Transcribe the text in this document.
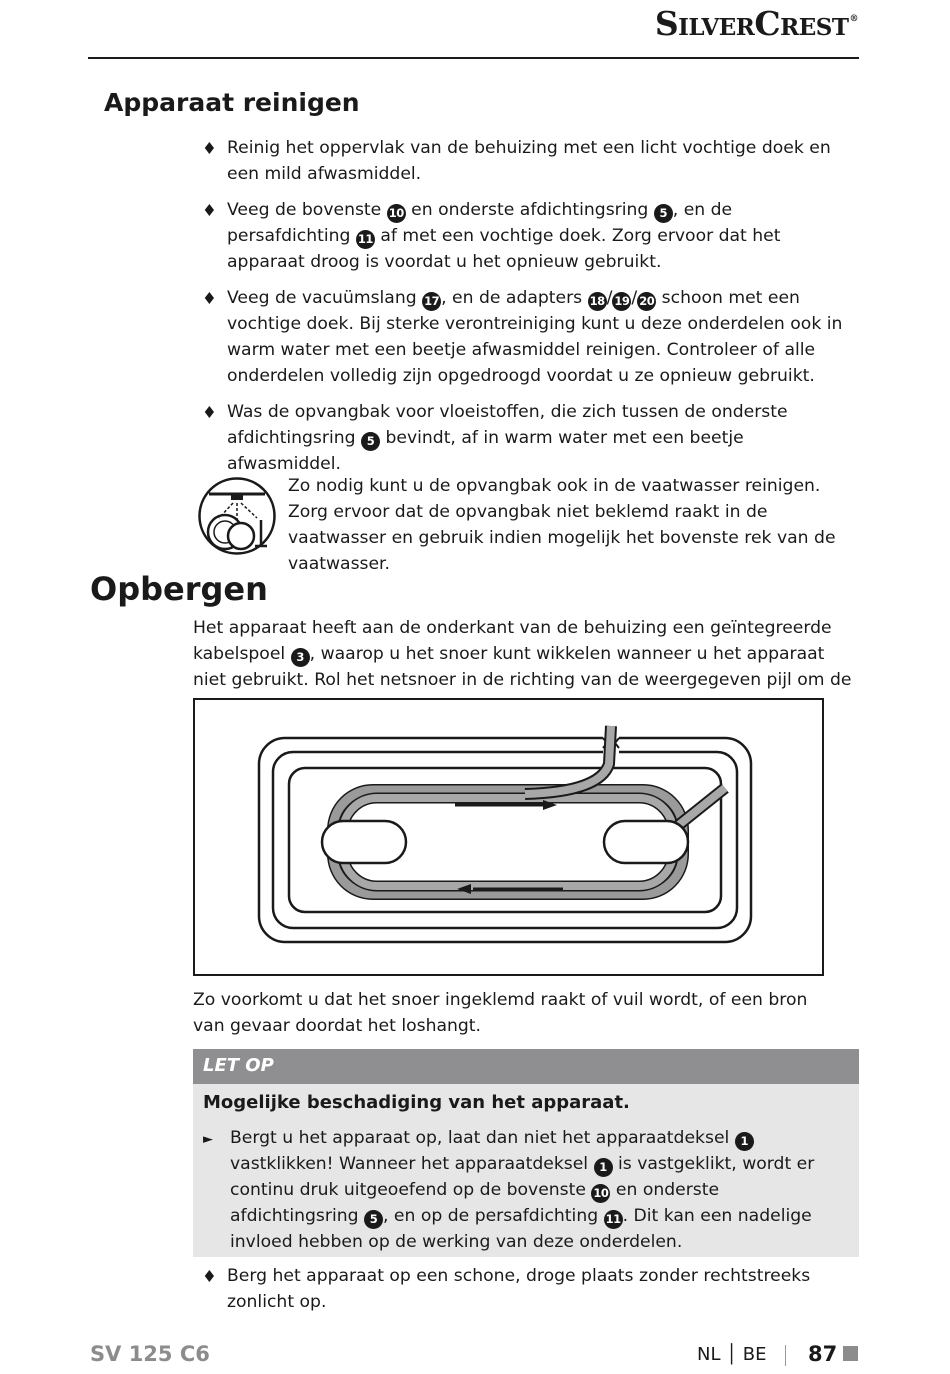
SilverCrest®
Apparaat reinigen
♦ Reinig het oppervlak van de behuizing met een licht vochtige doek en een mild afwasmiddel.

♦ Veeg de bovenste 10 en onderste afdichtingsring 5 , en de persafdichting 11 af met een vochtige doek. Zorg ervoor dat het apparaat droog is voordat u het opnieuw gebruikt.

♦ Veeg de vacuümslang 17 , en de adapters 18 / 19 / 20 schoon met een vochtige doek. Bij sterke verontreiniging kunt u deze onderdelen ook in warm water met een beetje afwasmiddel reinigen. Controleer of alle onderdelen volledig zijn opgedroogd voordat u ze opnieuw gebruikt.

♦ Was de opvangbak voor vloeistoffen, die zich tussen de onderste afdichtingsring 5 bevindt, af in warm water met een beetje afwasmiddel.

Zo nodig kunt u de opvangbak ook in de vaatwasser reinigen. Zorg ervoor dat de opvangbak niet beklemd raakt in de vaatwasser en gebruik indien mogelijk het bovenste rek van de vaatwasser.

Opbergen

Het apparaat heeft aan de onderkant van de behuizing een geïntegreerde kabelspoel 3 , waarop u het snoer kunt wikkelen wanneer u het apparaat niet gebruikt. Rol het netsnoer in de richting van de weergegeven pijl om de kabelspoel 3 .

Zo voorkomt u dat het snoer ingeklemd raakt of vuil wordt, of een bron van gevaar doordat het loshangt.

LET OP

Mogelijke beschadiging van het apparaat.

► Bergt u het apparaat op, laat dan niet het apparaatdeksel 1 vastklikken! Wanneer het apparaatdeksel 1 is vastgeklikt, wordt er continu druk uitgeoefend op de bovenste 10 en onderste afdichtingsring 5 , en op de persafdichting 11 . Dit kan een nadelige invloed hebben op de werking van deze onderdelen.

♦ Berg het apparaat op een schone, droge plaats zonder rechtstreeks zonlicht op.

SV 125 C6	NL │ BE 87
